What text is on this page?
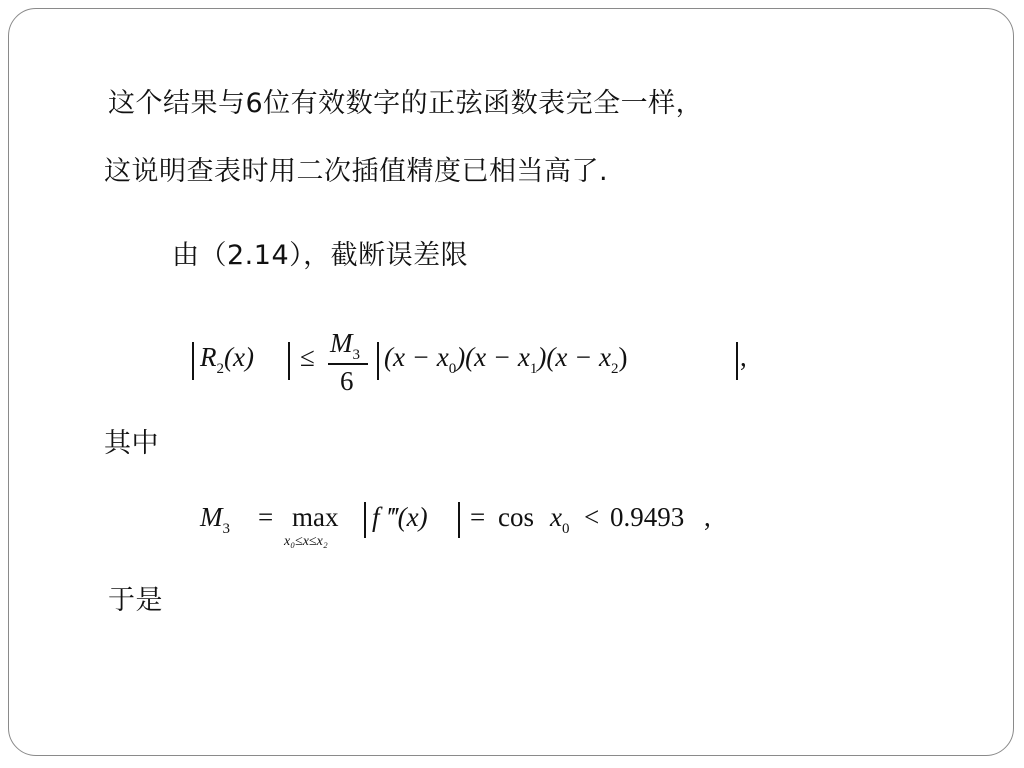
这个结果与6位有效数字的正弦函数表完全一样，
这说明查表时用二次插值精度已相当高了.
由（2.14），截断误差限
$R_2(x) \le M_3$
6
$(x - x_0)(x - x_1)(x - x_2)$	,
其中
$M_3 = \max$
x₀≤x≤x₂
f ‴(x) = $\cos x_0 < 0.9493$ ,
于是
